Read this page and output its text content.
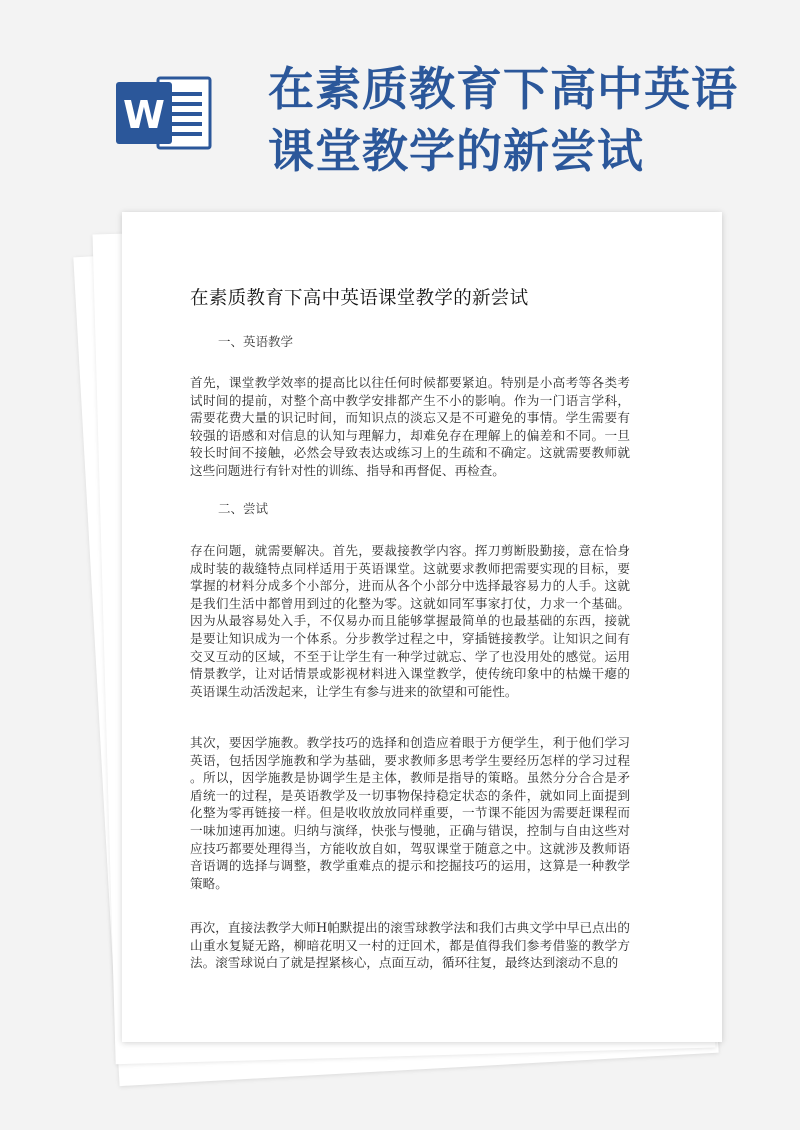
W 在素质教育下高中英语
课堂教学的新尝试
在素质教育下高中英语课堂教学的新尝试
一、英语教学
首先，课堂教学效率的提高比以往任何时候都要紧迫。特别是小高考等各类考
试时间的提前，对整个高中教学安排都产生不小的影响。作为一门语言学科，
需要花费大量的识记时间，而知识点的淡忘又是不可避免的事情。学生需要有
较强的语感和对信息的认知与理解力，却难免存在理解上的偏差和不同。一旦
较长时间不接触，必然会导致表达或练习上的生疏和不确定。这就需要教师就
这些问题进行有针对性的训练、指导和再督促、再检查。
二、尝试
存在问题，就需要解决。首先，要裁接教学内容。挥刀剪断股勤接，意在恰身
成时装的裁缝特点同样适用于英语课堂。这就要求教师把需要实现的目标，要
掌握的材料分成多个小部分，进而从各个小部分中选择最容易力的人手。这就
是我们生活中都曾用到过的化整为零。这就如同军事家打仗，力求一个基础。
因为从最容易处入手，不仅易办而且能够掌握最简单的也最基础的东西，接就
是要让知识成为一个体系。分步教学过程之中，穿插链接教学。让知识之间有
交叉互动的区域，不至于让学生有一种学过就忘、学了也没用处的感觉。运用
情景教学，让对话情景或影视材料进入课堂教学，使传统印象中的枯燥干瘪的
英语课生动活泼起来，让学生有参与进来的欲望和可能性。
其次，要因学施教。教学技巧的选择和创造应着眼于方便学生，利于他们学习
英语，包括因学施教和学为基础，要求教师多思考学生要经历怎样的学习过程
。所以，因学施教是协调学生是主体，教师是指导的策略。虽然分分合合是矛
盾统一的过程，是英语教学及一切事物保持稳定状态的条件，就如同上面提到
化整为零再链接一样。但是收收放放同样重要，一节课不能因为需要赶课程而
一味加速再加速。归纳与演绎，快张与慢驰，正确与错误，控制与自由这些对
应技巧都要处理得当，方能收放自如，驾驭课堂于随意之中。这就涉及教师语
音语调的选择与调整，教学重难点的提示和挖掘技巧的运用，这算是一种教学
策略。
再次，直接法教学大师H帕默提出的滚雪球教学法和我们古典文学中早已点出的
山重水复疑无路，柳暗花明又一村的迂回术，都是值得我们参考借鉴的教学方
法。滚雪球说白了就是捏紧核心，点面互动，循环往复，最终达到滚动不息的
